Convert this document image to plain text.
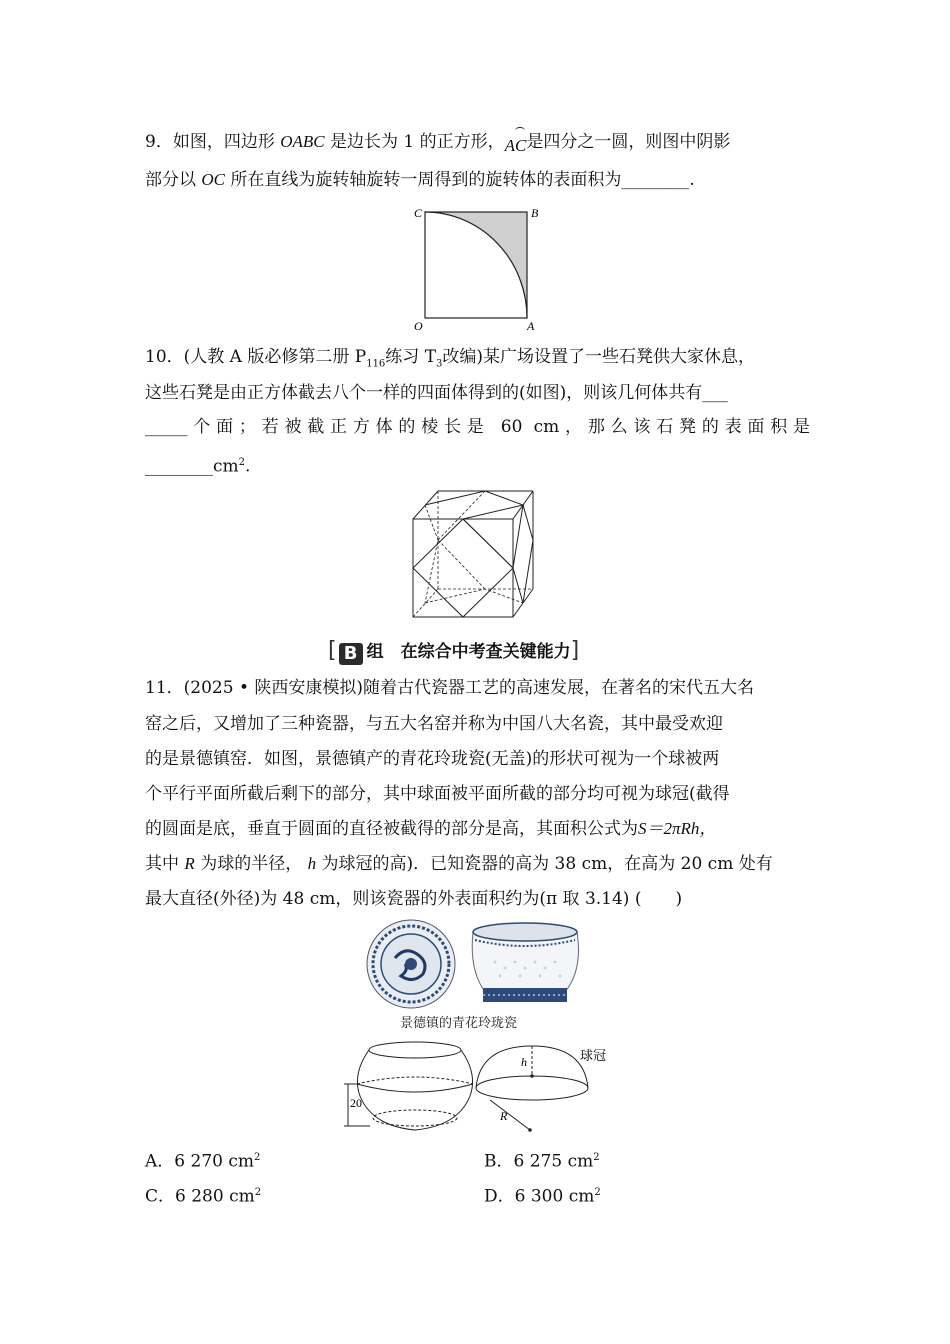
9．如图，四边形 OABC 是边长为 1 的正方形，AC是四分之一圆，则图中阴影
部分以 OC 所在直线为旋转轴旋转一周得到的旋转体的表面积为________.
C	B
O	A
10．(人教 A 版必修第二册 $P_{116}$练习 $T_3$改编)某广场设置了一些石凳供大家休息，
这些石凳是由正方体截去八个一样的四面体得到的(如图)，则该几何体共有___
_____个面；若被截正方体的棱长是 60 cm，那么该石凳的表面积是
$\_\_\_\_\_\_\_\_cm^2$.
[ B 组　在综合中考查关键能力]
11．(2025 • 陕西安康模拟)随着古代瓷器工艺的高速发展，在著名的宋代五大名
窑之后，又增加了三种瓷器，与五大名窑并称为中国八大名瓷，其中最受欢迎
的是景德镇窑．如图，景德镇产的青花玲珑瓷(无盖)的形状可视为一个球被两
个平行平面所截后剩下的部分，其中球面被平面所截的部分均可视为球冠(截得
的圆面是底，垂直于圆面的直径被截得的部分是高，其面积公式为S＝2πRh，
其中 R 为球的半径， h 为球冠的高)．已知瓷器的高为 38 cm，在高为 20 cm 处有
最大直径(外径)为 48 cm，则该瓷器的外表面积约为(π 取 3.14) (　　)
景德镇的青花玲珑瓷
20
h
R
球冠
A．6 270 $cm^2$	B．6 275 $cm^2$
C．6 280 $cm^2$	D．6 300 $cm^2$
